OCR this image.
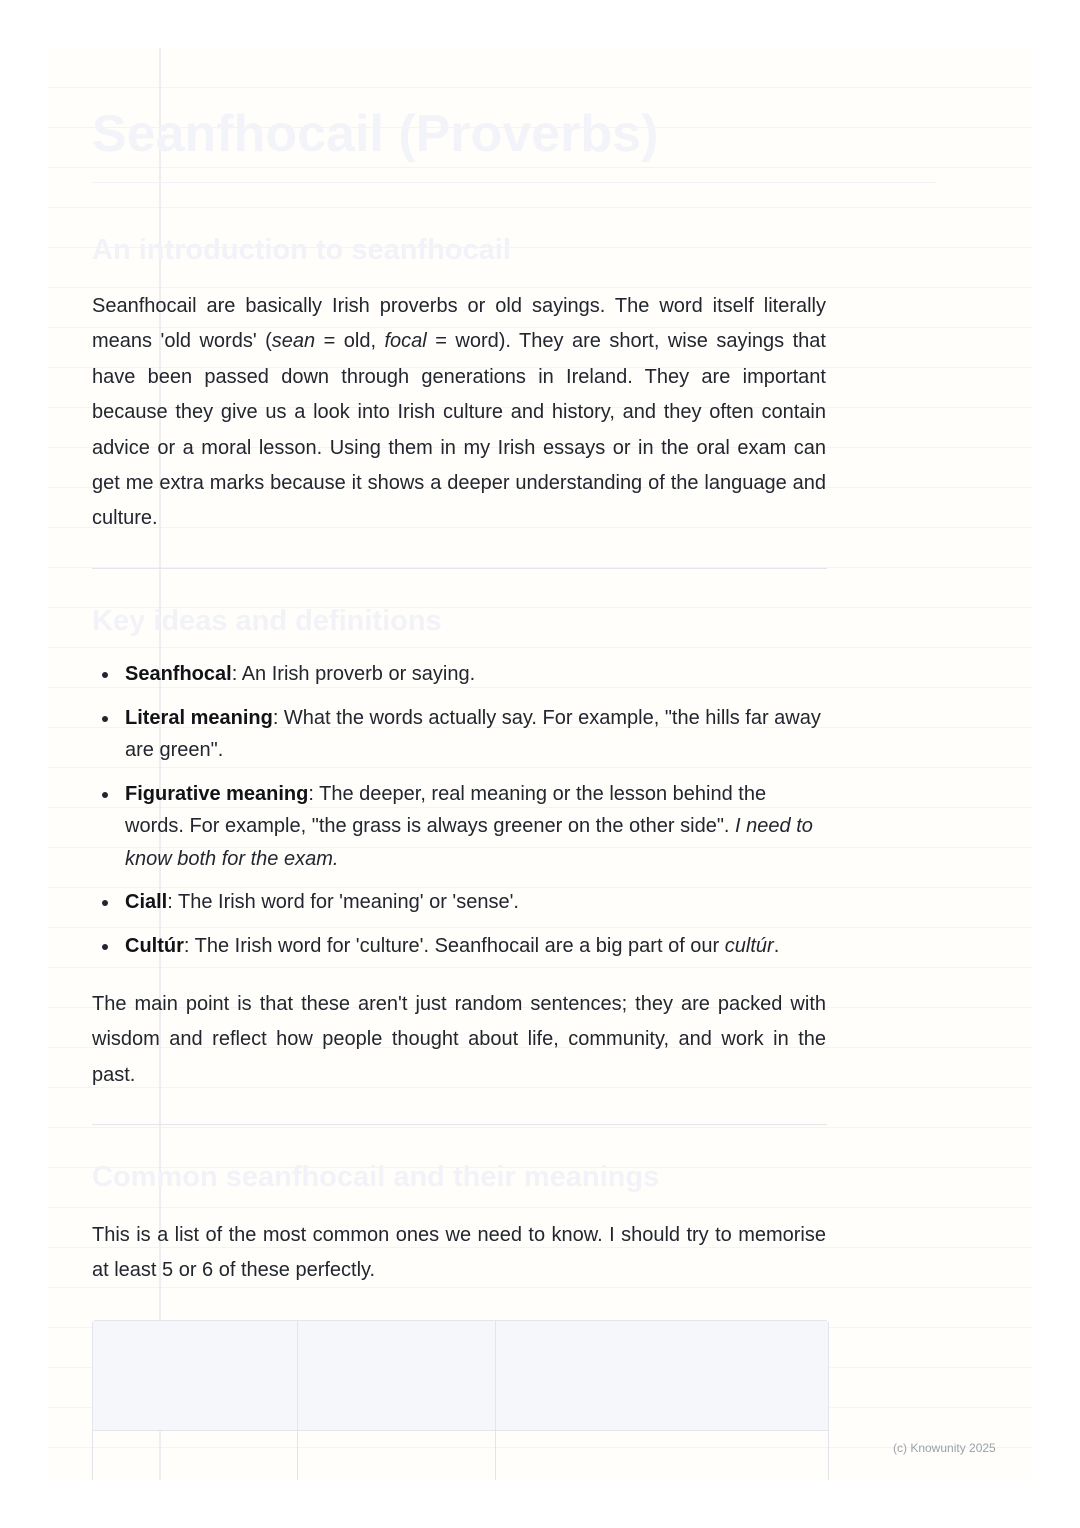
Seanfhocail (Proverbs)
An introduction to seanfhocail

Seanfhocail are basically Irish proverbs or old sayings. The word itself literally means 'old words' (sean = old, focal = word). They are short, wise sayings that have been passed down through generations in Ireland. They are important because they give us a look into Irish culture and history, and they often contain advice or a moral lesson. Using them in my Irish essays or in the oral exam can get me extra marks because it shows a deeper understanding of the language and culture.

Key ideas and definitions
Seanfhocal: An Irish proverb or saying.
Literal meaning: What the words actually say. For example, "the hills far away are green".
Figurative meaning: The deeper, real meaning or the lesson behind the words. For example, "the grass is always greener on the other side". I need to know both for the exam.
Ciall: The Irish word for 'meaning' or 'sense'.
Cultúr: The Irish word for 'culture'. Seanfhocail are a big part of our cultúr.

The main point is that these aren't just random sentences; they are packed with wisdom and reflect how people thought about life, community, and work in the past.

Common seanfhocail and their meanings

This is a list of the most common ones we need to know. I should try to memorise at least 5 or 6 of these perfectly.

(c) Knowunity 2025
